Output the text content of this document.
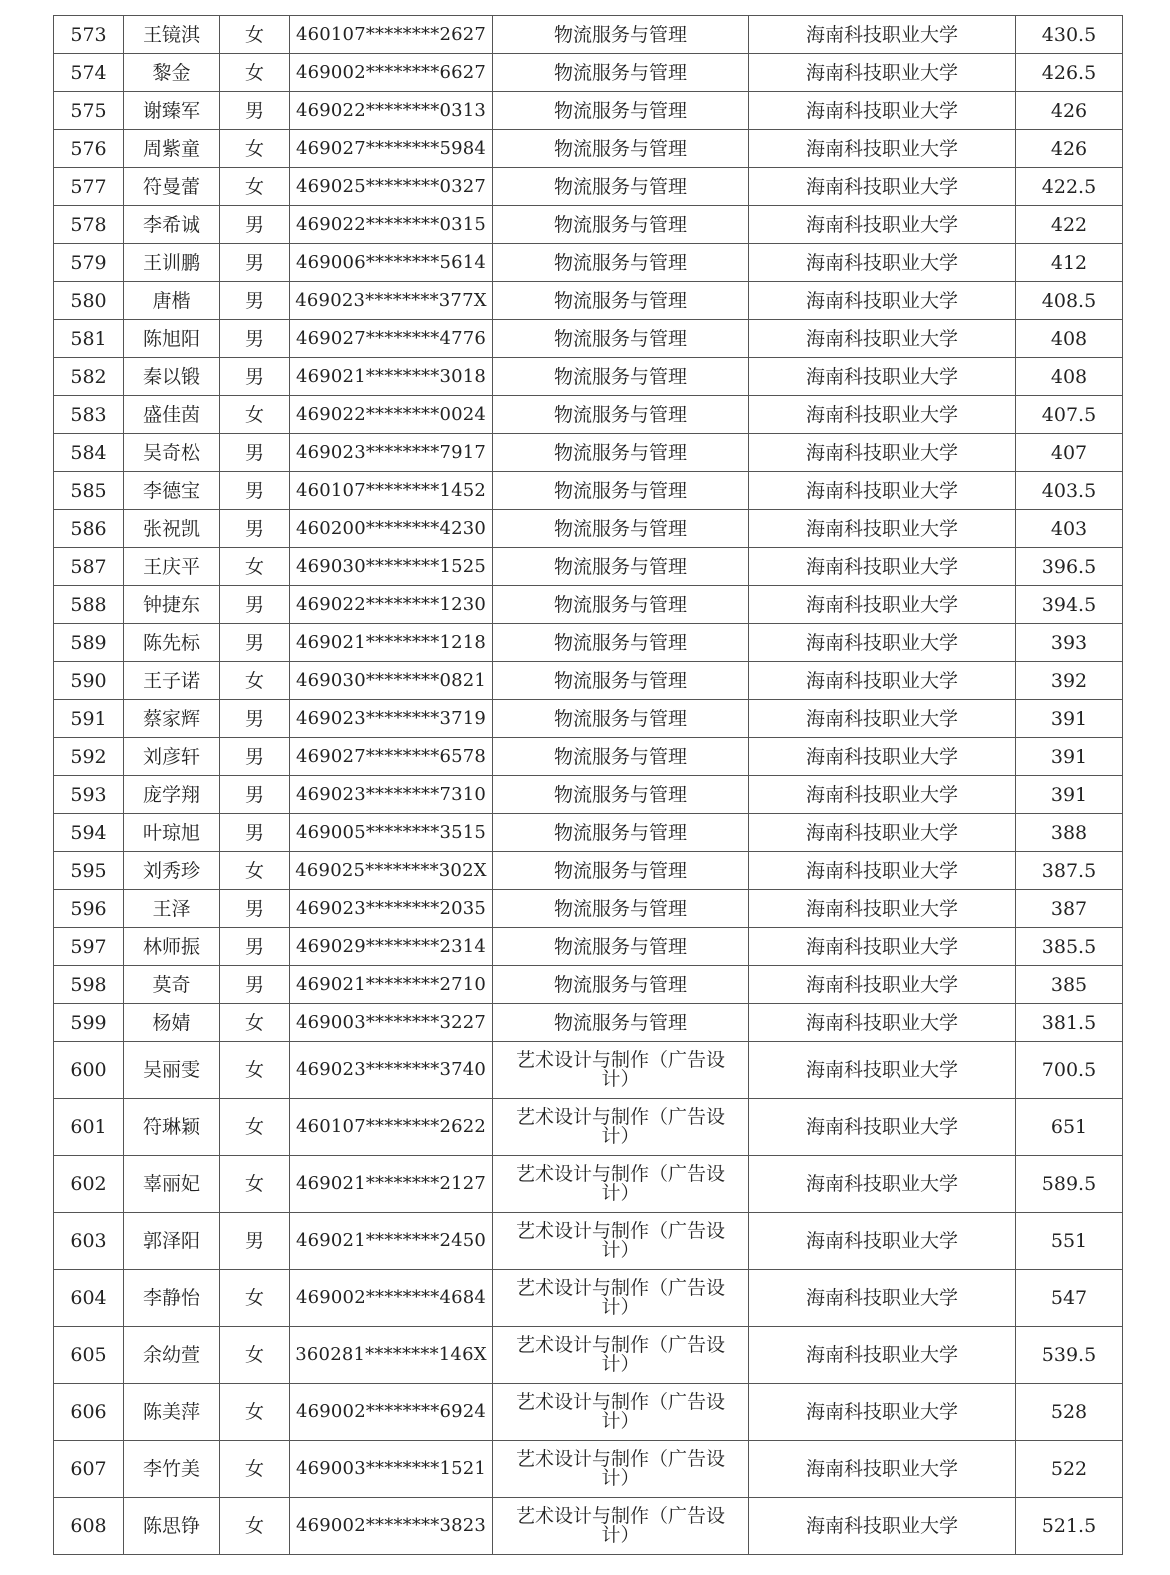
573	王镜淇	女	460107********2627	物流服务与管理	海南科技职业大学	430.5
574	黎金	女	469002********6627	物流服务与管理	海南科技职业大学	426.5
575	谢臻军	男	469022********0313	物流服务与管理	海南科技职业大学	426
576	周紫童	女	469027********5984	物流服务与管理	海南科技职业大学	426
577	符曼蕾	女	469025********0327	物流服务与管理	海南科技职业大学	422.5
578	李希诚	男	469022********0315	物流服务与管理	海南科技职业大学	422
579	王训鹏	男	469006********5614	物流服务与管理	海南科技职业大学	412
580	唐楷	男	469023********377X	物流服务与管理	海南科技职业大学	408.5
581	陈旭阳	男	469027********4776	物流服务与管理	海南科技职业大学	408
582	秦以锻	男	469021********3018	物流服务与管理	海南科技职业大学	408
583	盛佳茵	女	469022********0024	物流服务与管理	海南科技职业大学	407.5
584	吴奇松	男	469023********7917	物流服务与管理	海南科技职业大学	407
585	李德宝	男	460107********1452	物流服务与管理	海南科技职业大学	403.5
586	张祝凯	男	460200********4230	物流服务与管理	海南科技职业大学	403
587	王庆平	女	469030********1525	物流服务与管理	海南科技职业大学	396.5
588	钟捷东	男	469022********1230	物流服务与管理	海南科技职业大学	394.5
589	陈先标	男	469021********1218	物流服务与管理	海南科技职业大学	393
590	王子诺	女	469030********0821	物流服务与管理	海南科技职业大学	392
591	蔡家辉	男	469023********3719	物流服务与管理	海南科技职业大学	391
592	刘彦轩	男	469027********6578	物流服务与管理	海南科技职业大学	391
593	庞学翔	男	469023********7310	物流服务与管理	海南科技职业大学	391
594	叶琼旭	男	469005********3515	物流服务与管理	海南科技职业大学	388
595	刘秀珍	女	469025********302X	物流服务与管理	海南科技职业大学	387.5
596	王泽	男	469023********2035	物流服务与管理	海南科技职业大学	387
597	林师振	男	469029********2314	物流服务与管理	海南科技职业大学	385.5
598	莫奇	男	469021********2710	物流服务与管理	海南科技职业大学	385
599	杨婧	女	469003********3227	物流服务与管理	海南科技职业大学	381.5
600	吴丽雯	女	469023********3740	艺术设计与制作（广告设计）	海南科技职业大学	700.5
601	符琳颖	女	460107********2622	艺术设计与制作（广告设计）	海南科技职业大学	651
602	辜丽妃	女	469021********2127	艺术设计与制作（广告设计）	海南科技职业大学	589.5
603	郭泽阳	男	469021********2450	艺术设计与制作（广告设计）	海南科技职业大学	551
604	李静怡	女	469002********4684	艺术设计与制作（广告设计）	海南科技职业大学	547
605	余幼萱	女	360281********146X	艺术设计与制作（广告设计）	海南科技职业大学	539.5
606	陈美萍	女	469002********6924	艺术设计与制作（广告设计）	海南科技职业大学	528
607	李竹美	女	469003********1521	艺术设计与制作（广告设计）	海南科技职业大学	522
608	陈思铮	女	469002********3823	艺术设计与制作（广告设计）	海南科技职业大学	521.5
